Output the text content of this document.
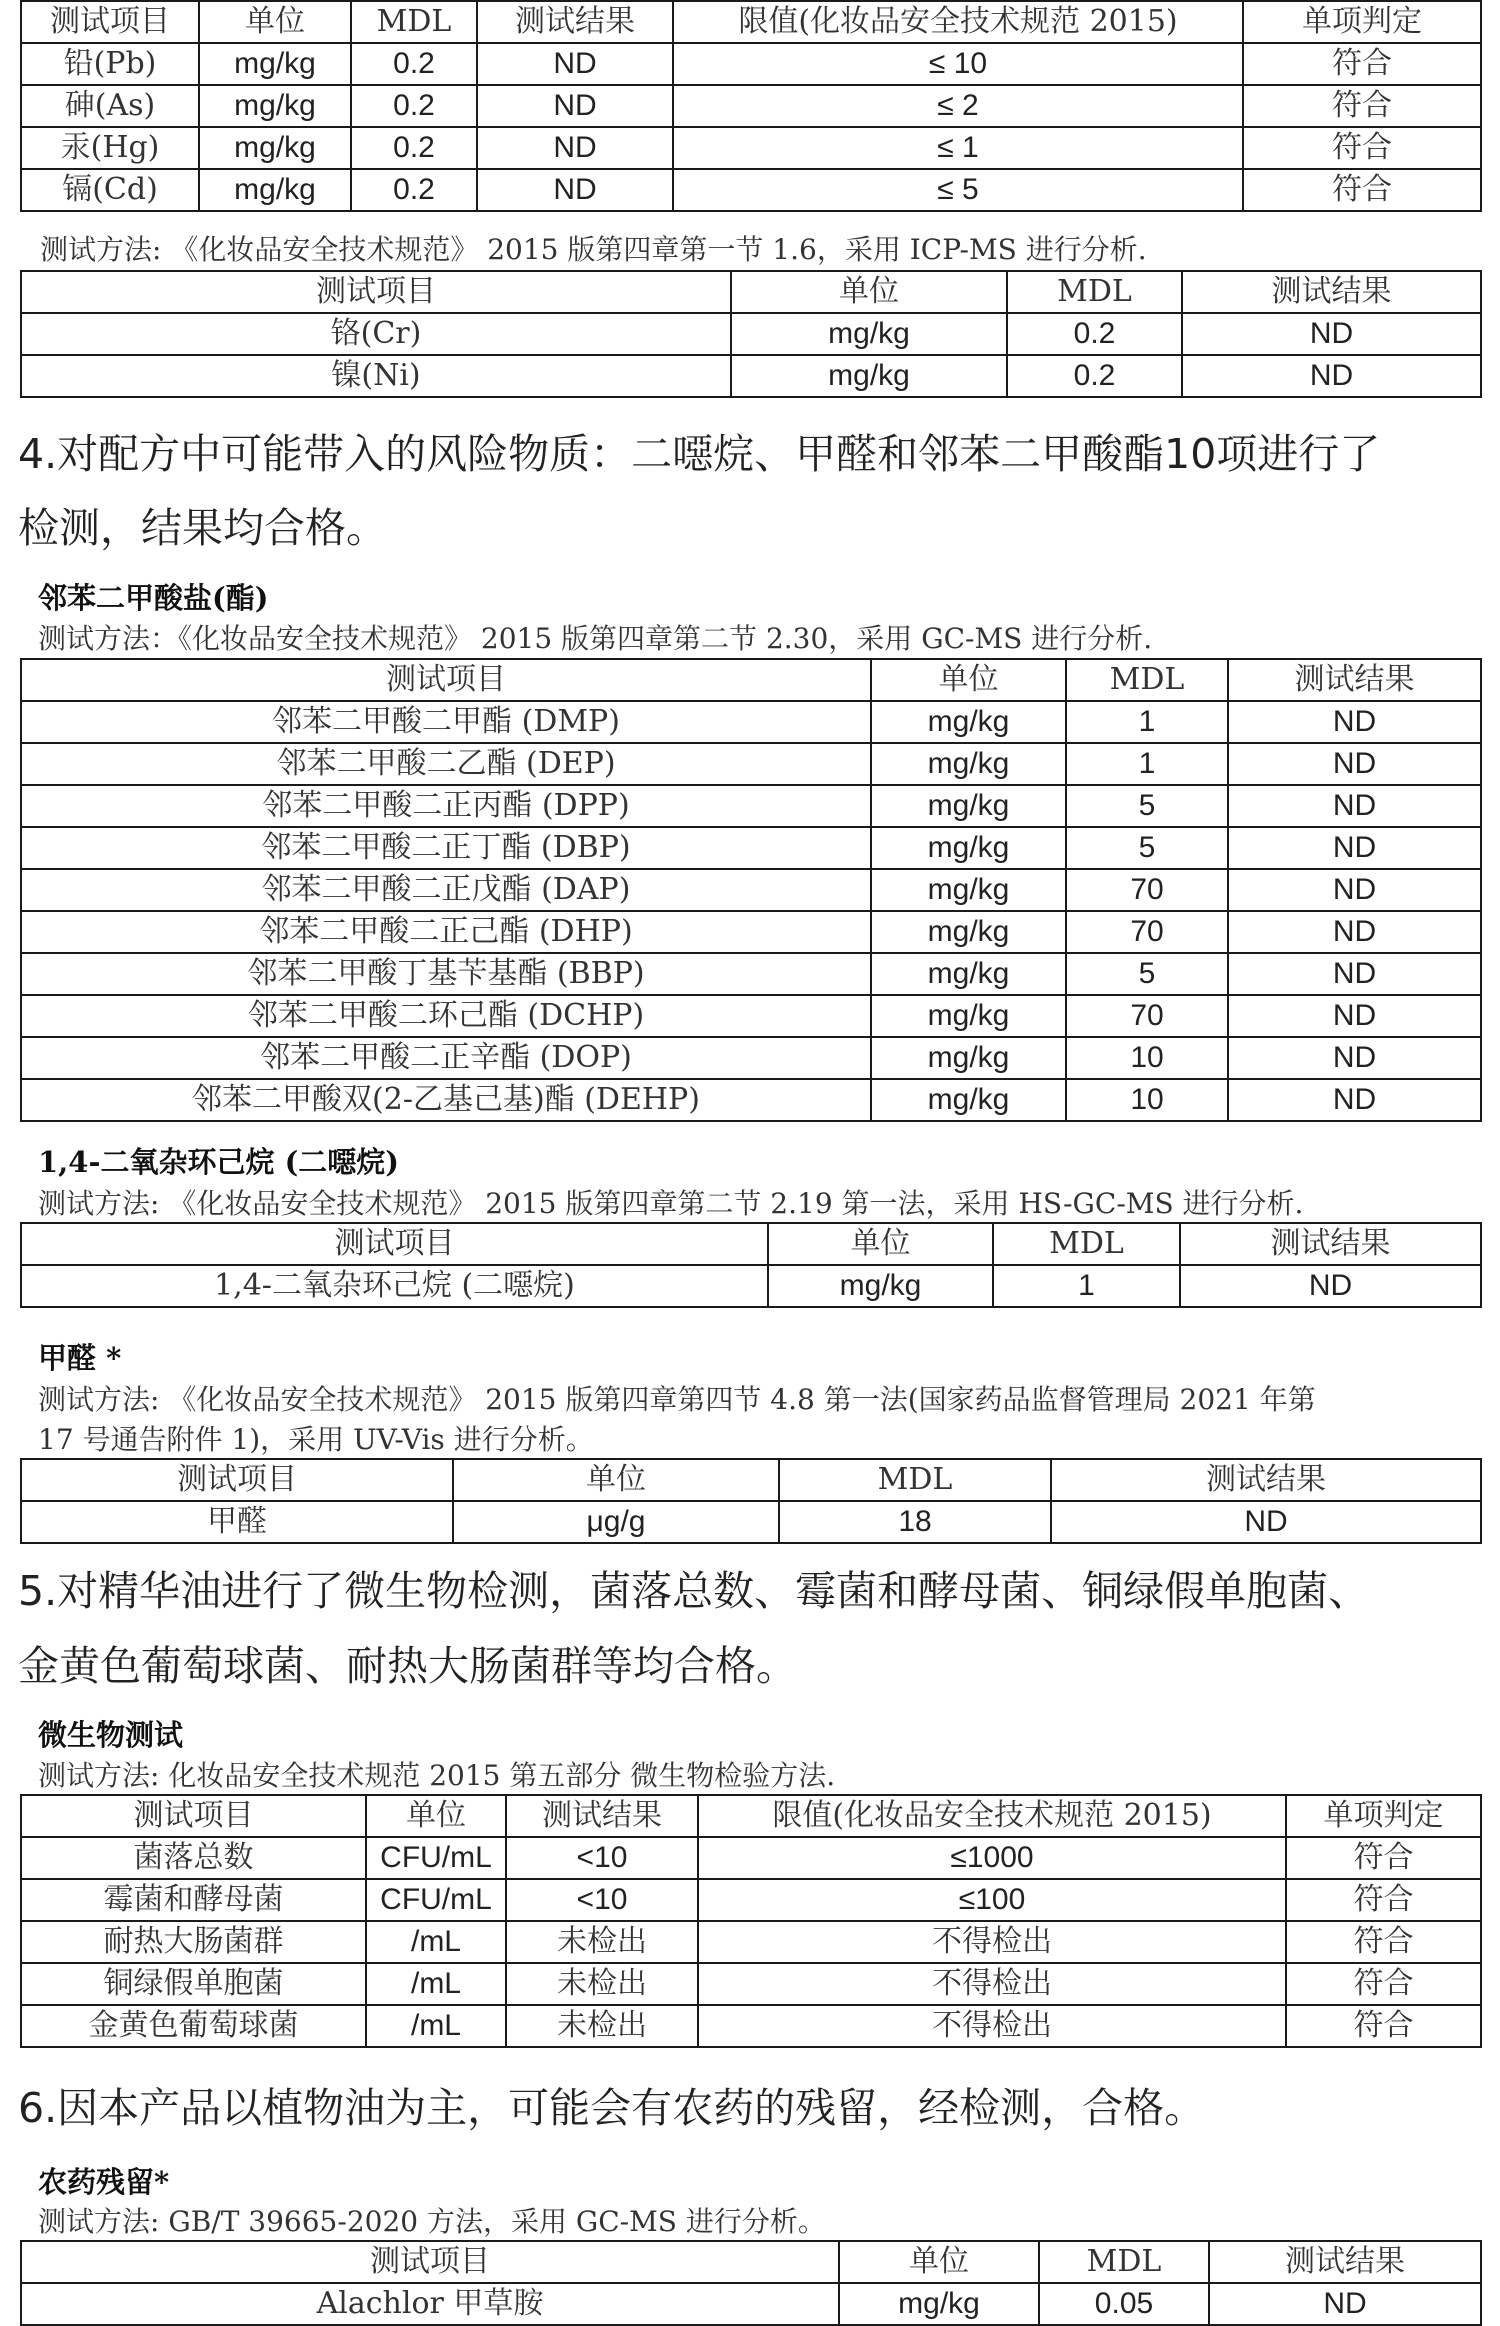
测试项目	单位	MDL	测试结果	限值(化妆品安全技术规范 2015)	单项判定
铅(Pb)	mg/kg	0.2	ND	≤ 10	符合
砷(As)	mg/kg	0.2	ND	≤ 2	符合
汞(Hg)	mg/kg	0.2	ND	≤ 1	符合
镉(Cd)	mg/kg	0.2	ND	≤ 5	符合
测试方法: 《化妆品安全技术规范》 2015 版第四章第一节 1.6，采用 ICP-MS 进行分析.
测试项目	单位	MDL	测试结果
铬(Cr)	mg/kg	0.2	ND
镍(Ni)	mg/kg	0.2	ND
4.对配方中可能带入的风险物质：二噁烷、甲醛和邻苯二甲酸酯10项进行了
检测，结果均合格。
邻苯二甲酸盐(酯)
测试方法：《化妆品安全技术规范》 2015 版第四章第二节 2.30，采用 GC-MS 进行分析.
测试项目	单位	MDL	测试结果
邻苯二甲酸二甲酯 (DMP)	mg/kg	1	ND
邻苯二甲酸二乙酯 (DEP)	mg/kg	1	ND
邻苯二甲酸二正丙酯 (DPP)	mg/kg	5	ND
邻苯二甲酸二正丁酯 (DBP)	mg/kg	5	ND
邻苯二甲酸二正戊酯 (DAP)	mg/kg	70	ND
邻苯二甲酸二正己酯 (DHP)	mg/kg	70	ND
邻苯二甲酸丁基苄基酯 (BBP)	mg/kg	5	ND
邻苯二甲酸二环己酯 (DCHP)	mg/kg	70	ND
邻苯二甲酸二正辛酯 (DOP)	mg/kg	10	ND
邻苯二甲酸双(2-乙基己基)酯 (DEHP)	mg/kg	10	ND
1,4-二氧杂环己烷 (二噁烷)
测试方法: 《化妆品安全技术规范》 2015 版第四章第二节 2.19 第一法，采用 HS-GC-MS 进行分析.
测试项目	单位	MDL	测试结果
1,4-二氧杂环己烷 (二噁烷)	mg/kg	1	ND
甲醛 *
测试方法: 《化妆品安全技术规范》 2015 版第四章第四节 4.8 第一法(国家药品监督管理局 2021 年第
17 号通告附件 1)，采用 UV-Vis 进行分析。
测试项目	单位	MDL	测试结果
甲醛	μg/g	18	ND
5.对精华油进行了微生物检测，菌落总数、霉菌和酵母菌、铜绿假单胞菌、
金黄色葡萄球菌、耐热大肠菌群等均合格。
微生物测试
测试方法: 化妆品安全技术规范 2015 第五部分 微生物检验方法.
测试项目	单位	测试结果	限值(化妆品安全技术规范 2015)	单项判定
菌落总数	CFU/mL	<10	≤1000	符合
霉菌和酵母菌	CFU/mL	<10	≤100	符合
耐热大肠菌群	/mL	未检出	不得检出	符合
铜绿假单胞菌	/mL	未检出	不得检出	符合
金黄色葡萄球菌	/mL	未检出	不得检出	符合
6.因本产品以植物油为主，可能会有农药的残留，经检测，合格。
农药残留*
测试方法: GB/T 39665-2020 方法，采用 GC-MS 进行分析。
测试项目	单位	MDL	测试结果
Alachlor 甲草胺	mg/kg	0.05	ND
